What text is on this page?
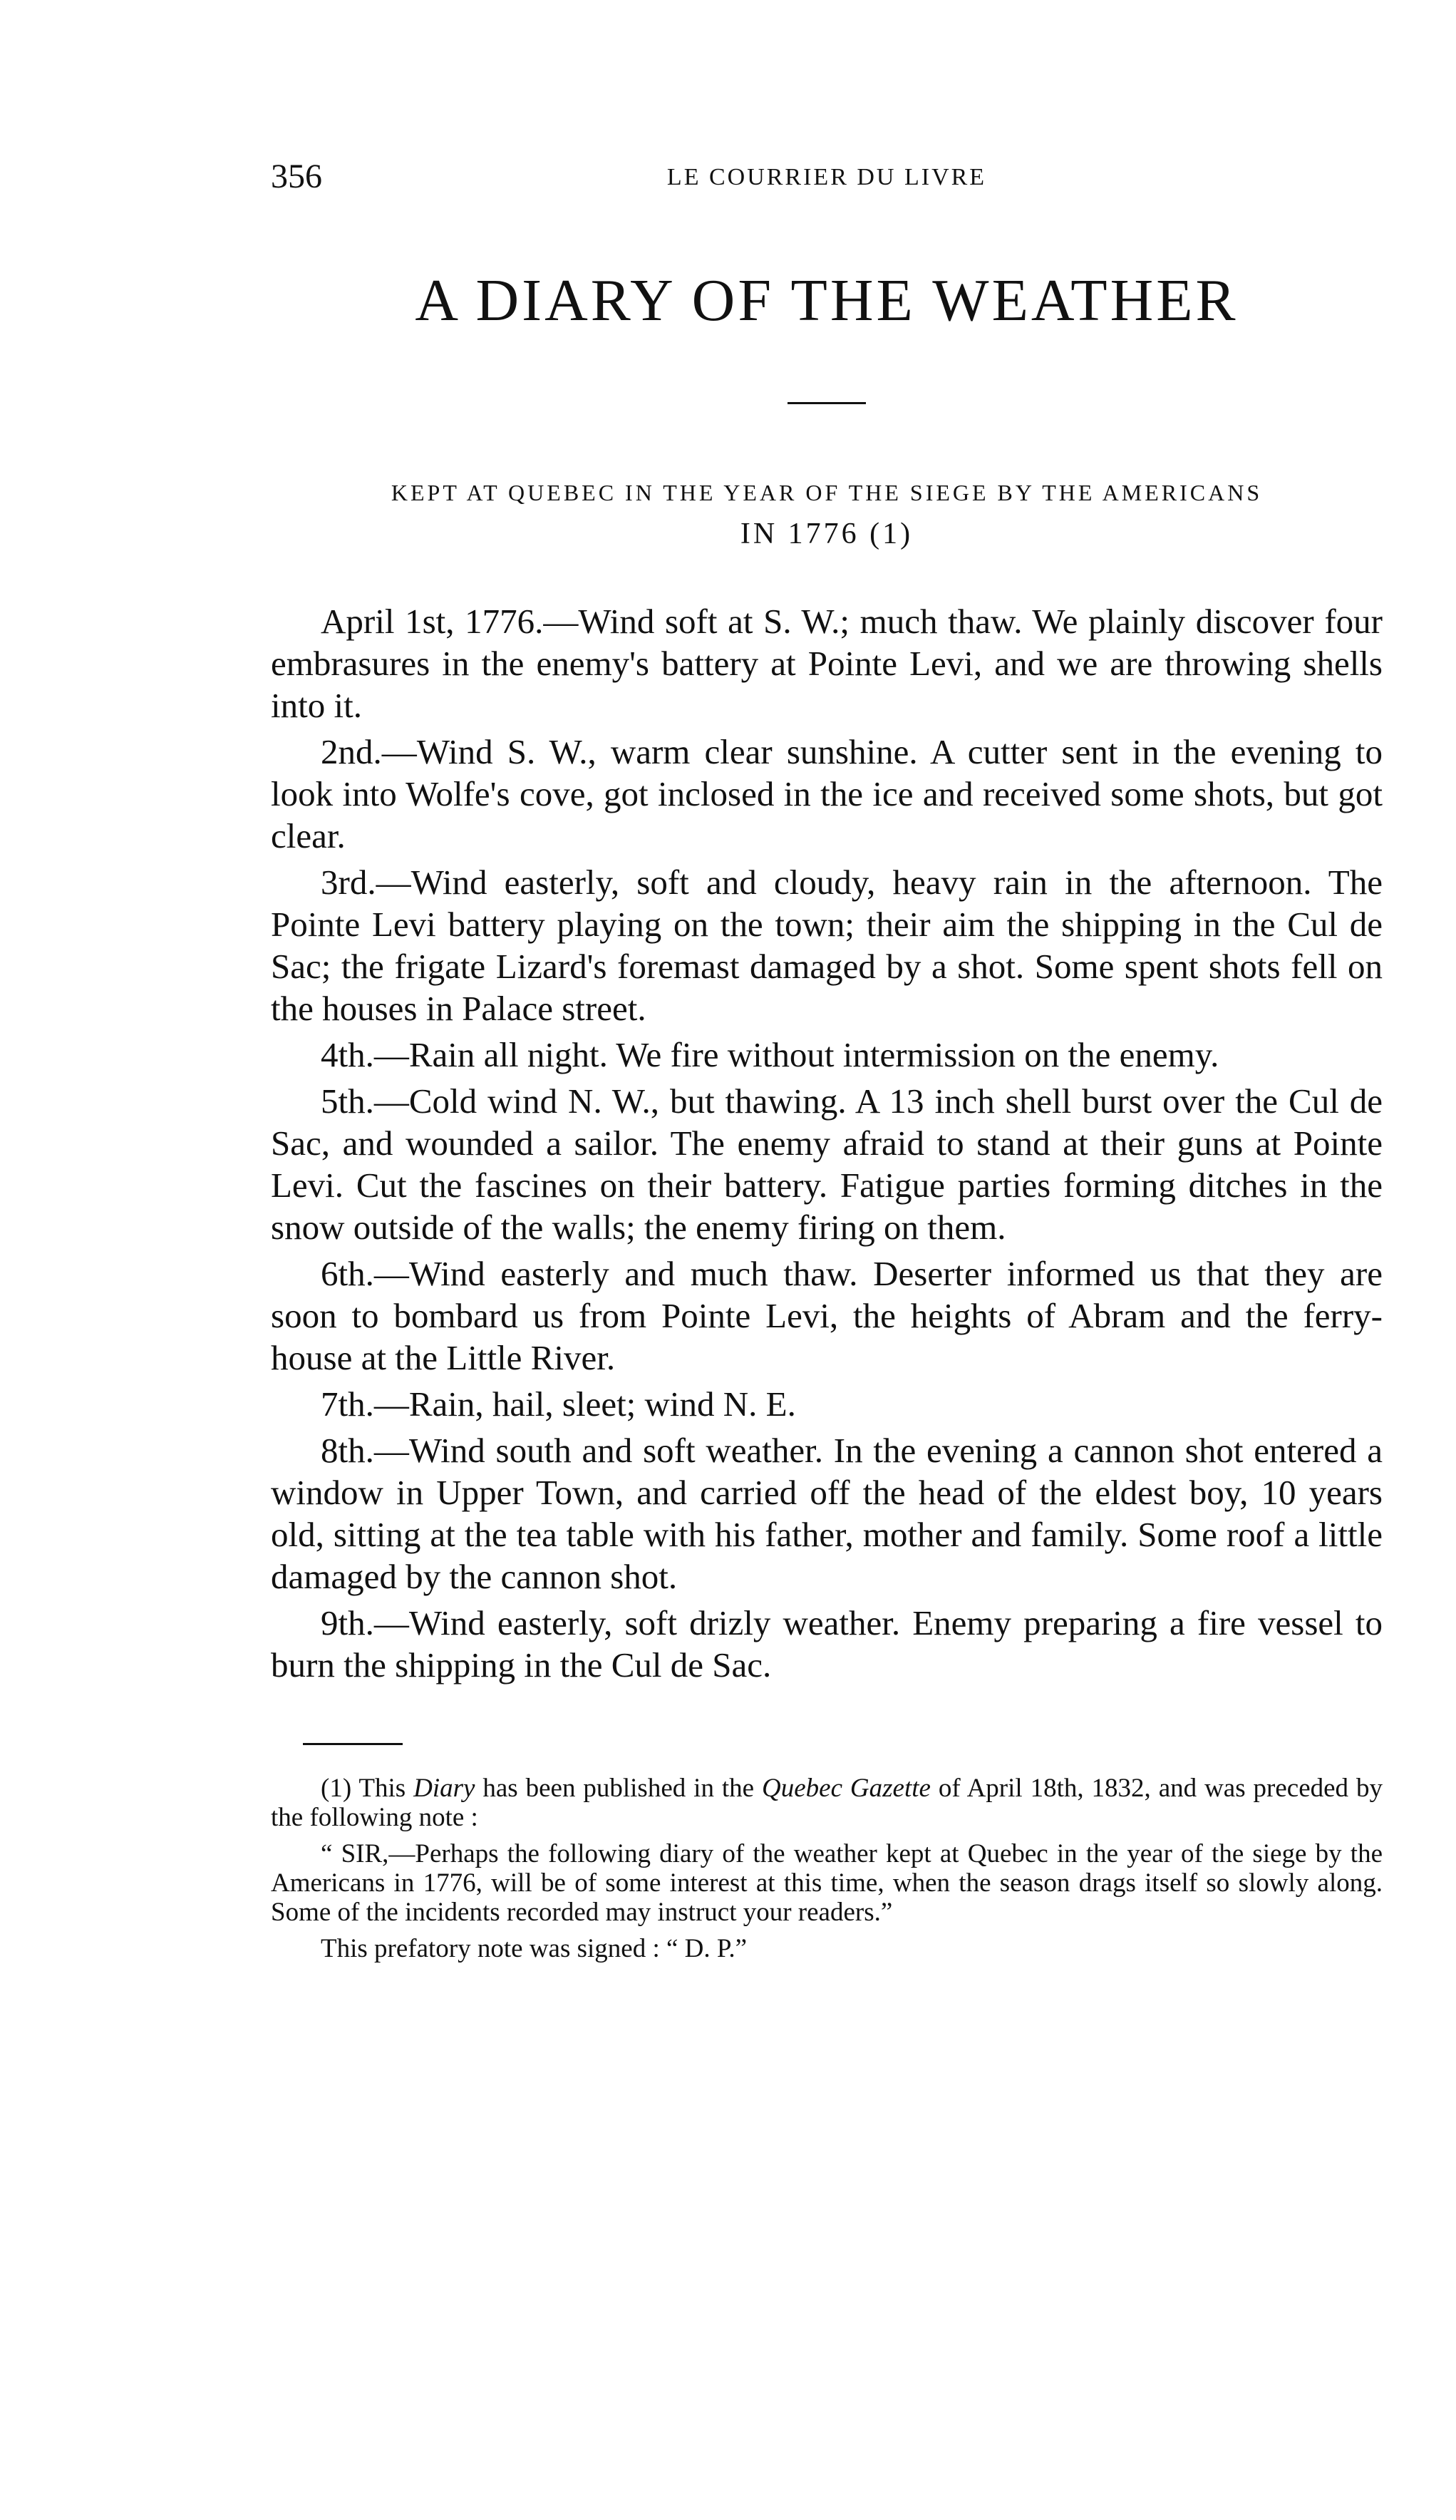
356	LE COURRIER DU LIVRE
A DIARY OF THE WEATHER
KEPT AT QUEBEC IN THE YEAR OF THE SIEGE BY THE AMERICANS
IN 1776 (1)

April 1st, 1776.—Wind soft at S. W.; much thaw. We plainly discover four embrasures in the enemy's battery at Pointe Levi, and we are throwing shells into it.

2nd.—Wind S. W., warm clear sunshine. A cutter sent in the evening to look into Wolfe's cove, got inclosed in the ice and received some shots, but got clear.

3rd.—Wind easterly, soft and cloudy, heavy rain in the afternoon. The Pointe Levi battery playing on the town; their aim the shipping in the Cul de Sac; the frigate Lizard's foremast damaged by a shot. Some spent shots fell on the houses in Palace street.

4th.—Rain all night. We fire without intermission on the enemy.

5th.—Cold wind N. W., but thawing. A 13 inch shell burst over the Cul de Sac, and wounded a sailor. The enemy afraid to stand at their guns at Pointe Levi. Cut the fascines on their battery. Fatigue parties forming ditches in the snow outside of the walls; the enemy firing on them.

6th.—Wind easterly and much thaw. Deserter informed us that they are soon to bombard us from Pointe Levi, the heights of Abram and the ferry-house at the Little River.

7th.—Rain, hail, sleet; wind N. E.

8th.—Wind south and soft weather. In the evening a cannon shot entered a window in Upper Town, and carried off the head of the eldest boy, 10 years old, sitting at the tea table with his father, mother and family. Some roof a little damaged by the cannon shot.

9th.—Wind easterly, soft drizly weather. Enemy preparing a fire vessel to burn the shipping in the Cul de Sac.

(1) This Diary has been published in the Quebec Gazette of April 18th, 1832, and was preceded by the following note :

“ SIR,—Perhaps the following diary of the weather kept at Quebec in the year of the siege by the Americans in 1776, will be of some interest at this time, when the season drags itself so slowly along. Some of the incidents recorded may instruct your readers.”

This prefatory note was signed : “ D. P.”
